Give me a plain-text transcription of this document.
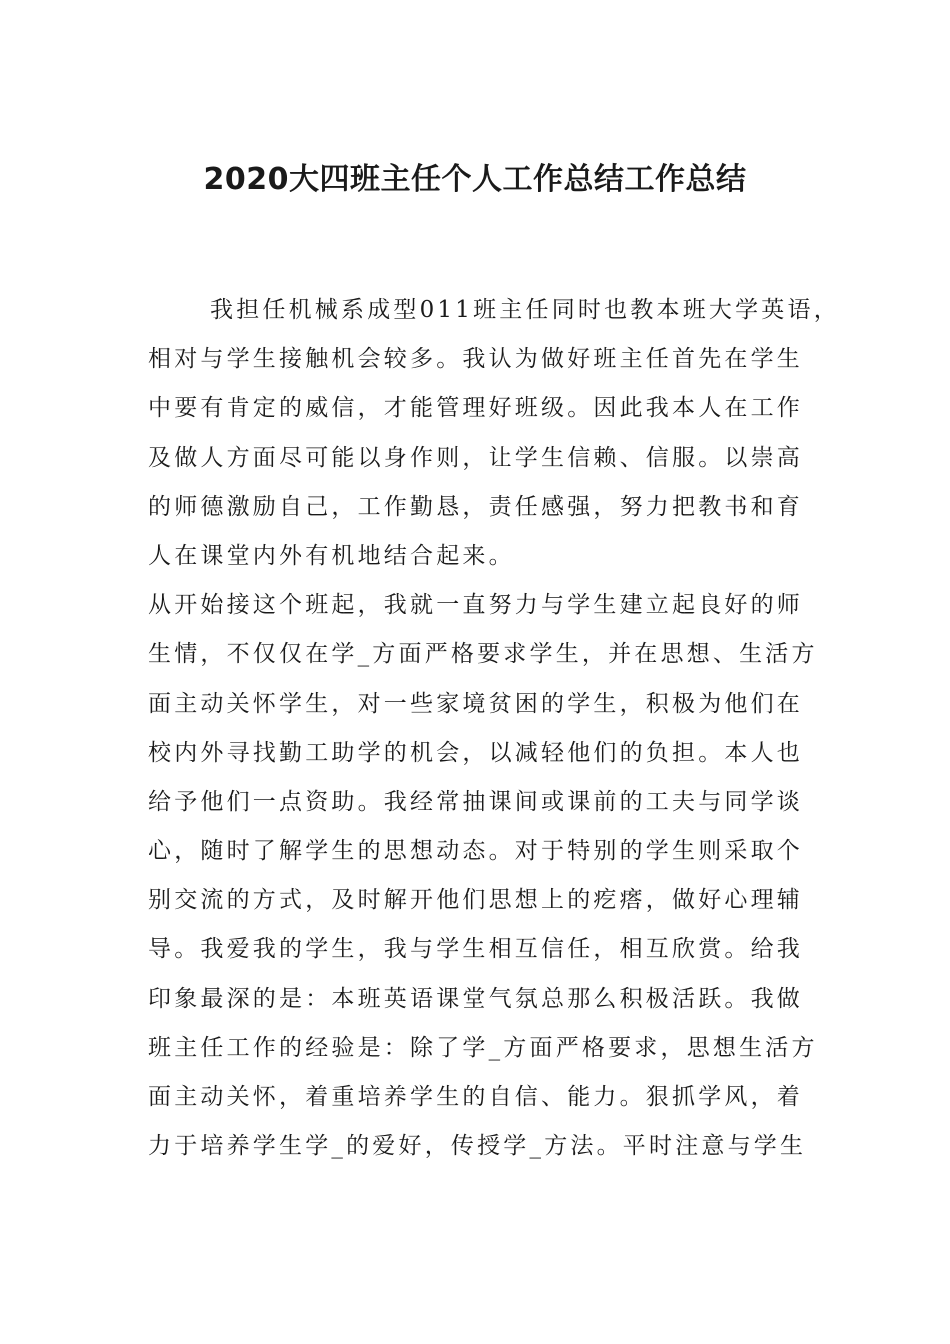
2020大四班主任个人工作总结工作总结
我担任机械系成型011班主任同时也教本班大学英语，
相对与学生接触机会较多。我认为做好班主任首先在学生
中要有肯定的威信，才能管理好班级。因此我本人在工作
及做人方面尽可能以身作则，让学生信赖、信服。以崇高
的师德激励自己，工作勤恳，责任感强，努力把教书和育
人在课堂内外有机地结合起来。
从开始接这个班起，我就一直努力与学生建立起良好的师
生情，不仅仅在学_方面严格要求学生，并在思想、生活方
面主动关怀学生，对一些家境贫困的学生，积极为他们在
校内外寻找勤工助学的机会，以减轻他们的负担。本人也
给予他们一点资助。我经常抽课间或课前的工夫与同学谈
心，随时了解学生的思想动态。对于特别的学生则采取个
别交流的方式，及时解开他们思想上的疙瘩，做好心理辅
导。我爱我的学生，我与学生相互信任，相互欣赏。给我
印象最深的是：本班英语课堂气氛总那么积极活跃。我做
班主任工作的经验是：除了学_方面严格要求，思想生活方
面主动关怀，着重培养学生的自信、能力。狠抓学风，着
力于培养学生学_的爱好，传授学_方法。平时注意与学生
